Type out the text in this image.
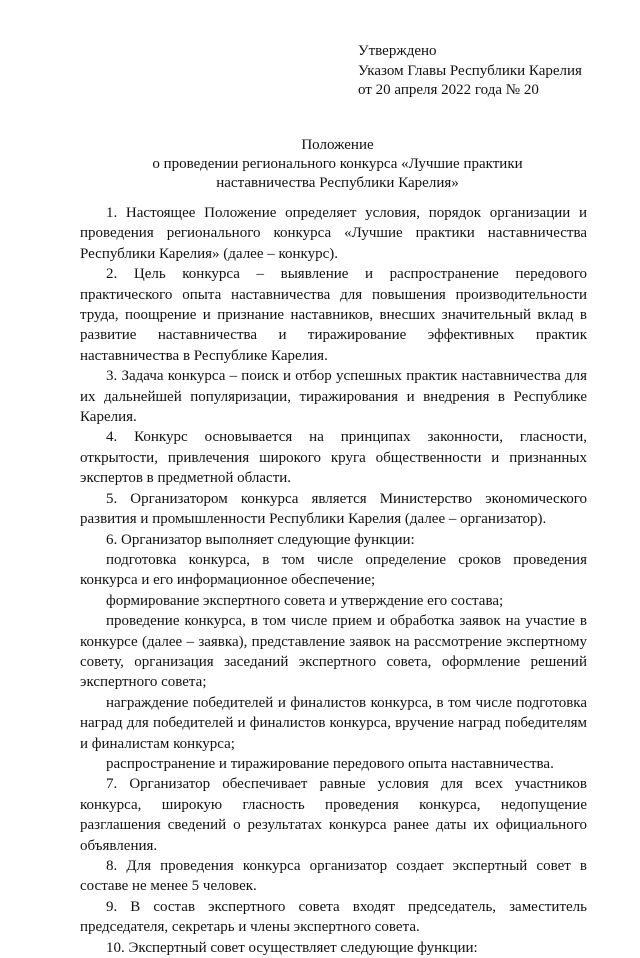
Утверждено
Указом Главы Республики Карелия
от 20 апреля 2022 года № 20
Положение
о проведении регионального конкурса «Лучшие практики
наставничества Республики Карелия»

1. Настоящее Положение определяет условия, порядок организации и проведения регионального конкурса «Лучшие практики наставничества Республики Карелия» (далее – конкурс).

2. Цель конкурса – выявление и распространение передового практического опыта наставничества для повышения производительности труда, поощрение и признание наставников, внесших значительный вклад в развитие наставничества и тиражирование эффективных практик наставничества в Республике Карелия.

3. Задача конкурса – поиск и отбор успешных практик наставничества для их дальнейшей популяризации, тиражирования и внедрения в Республике Карелия.

4. Конкурс основывается на принципах законности, гласности, открытости, привлечения широкого круга общественности и признанных экспертов в предметной области.

5. Организатором конкурса является Министерство экономического развития и промышленности Республики Карелия (далее – организатор).

6. Организатор выполняет следующие функции:

подготовка конкурса, в том числе определение сроков проведения конкурса и его информационное обеспечение;

формирование экспертного совета и утверждение его состава;

проведение конкурса, в том числе прием и обработка заявок на участие в конкурсе (далее – заявка), представление заявок на рассмотрение экспертному совету, организация заседаний экспертного совета, оформление решений экспертного совета;

награждение победителей и финалистов конкурса, в том числе подготовка наград для победителей и финалистов конкурса, вручение наград победителям и финалистам конкурса;

распространение и тиражирование передового опыта наставничества.

7. Организатор обеспечивает равные условия для всех участников конкурса, широкую гласность проведения конкурса, недопущение разглашения сведений о результатах конкурса ранее даты их официального объявления.

8. Для проведения конкурса организатор создает экспертный совет в составе не менее 5 человек.

9. В состав экспертного совета входят председатель, заместитель председателя, секретарь и члены экспертного совета.

10. Экспертный совет осуществляет следующие функции:
